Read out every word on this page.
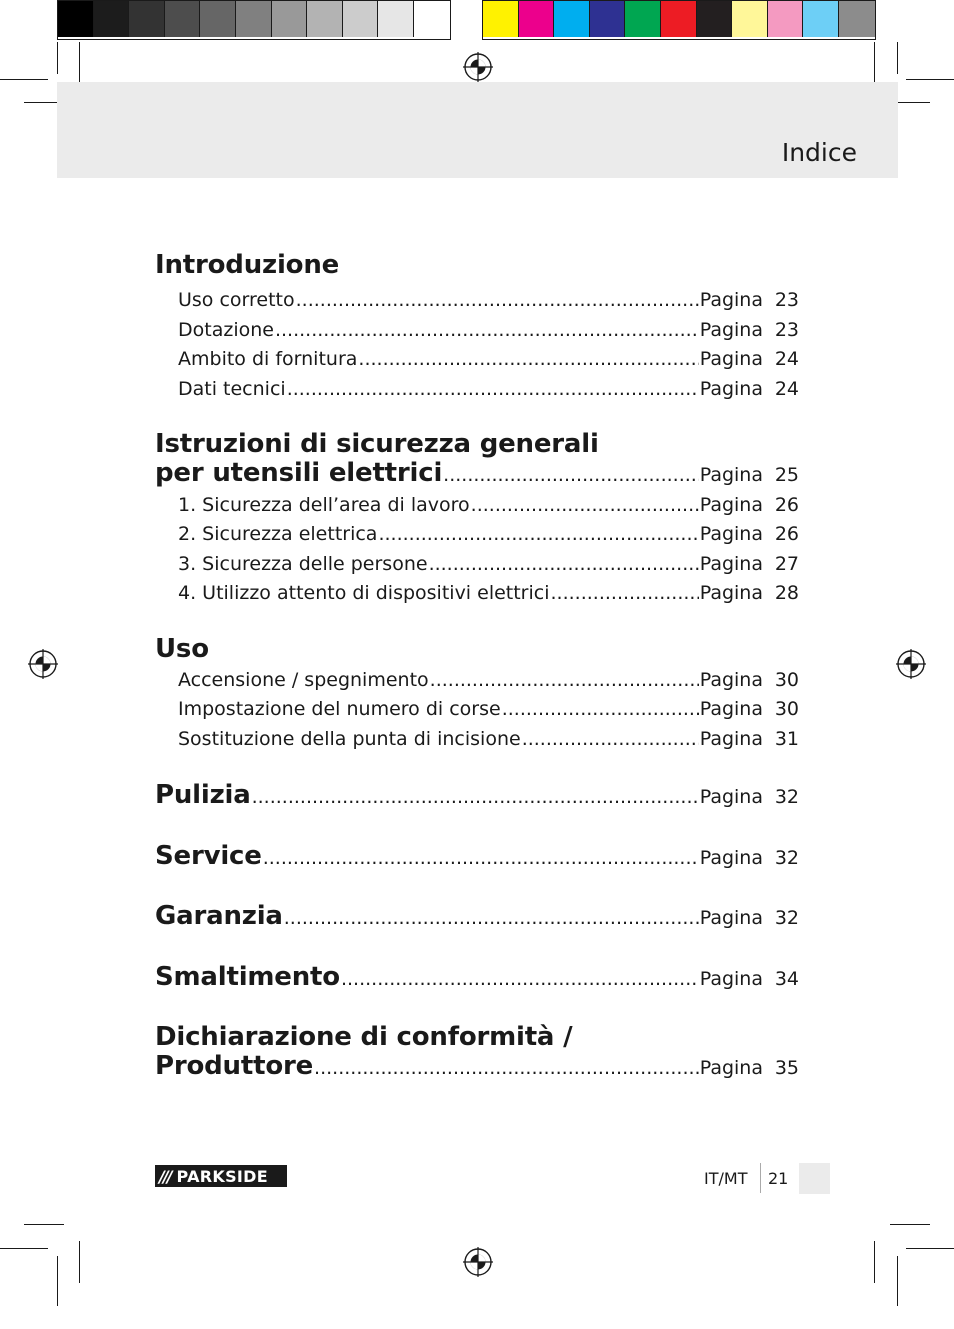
Indice
Introduzione
Uso corretto .....	Pagina 23
Dotazione .....	Pagina 23
Ambito di fornitura .....	Pagina 24
Dati tecnici .....	Pagina 24
Istruzioni di sicurezza generali
per utensili elettrici .....	Pagina 25
1. Sicurezza dell’area di lavoro .....	Pagina 26
2. Sicurezza elettrica .....	Pagina 26
3. Sicurezza delle persone .....	Pagina 27
4. Utilizzo attento di dispositivi elettrici .....	Pagina 28
Uso
Accensione / spegnimento .....	Pagina 30
Impostazione del numero di corse .....	Pagina 30
Sostituzione della punta di incisione .....	Pagina 31
Pulizia .....	Pagina 32
Service .....	Pagina 32
Garanzia .....	Pagina 32
Smaltimento .....	Pagina 34
Dichiarazione di conformità /
Produttore .....	Pagina 35
/// PARKSIDE	IT/MT 21
